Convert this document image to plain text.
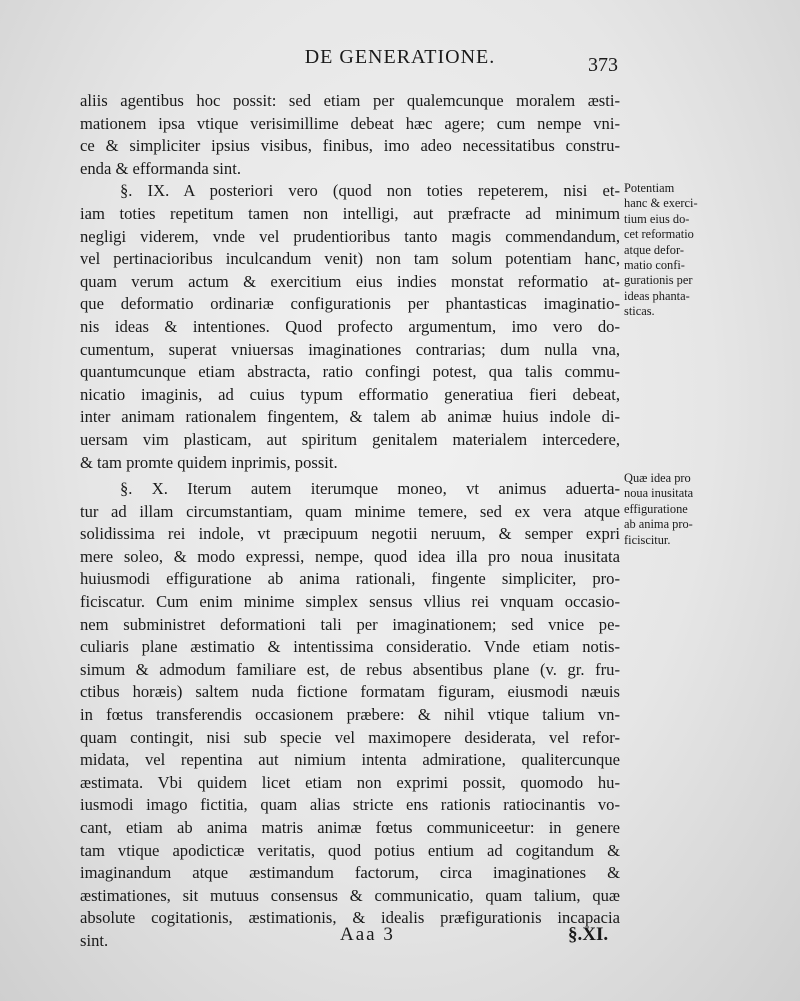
DE GENERATIONE.	373
aliis agentibus hoc possit: sed etiam per qualemcunque moralem æsti-
mationem ipsa vtique verisimillime debeat hæc agere; cum nempe vni-
ce & simpliciter ipsius visibus, finibus, imo adeo necessitatibus constru-
enda & efformanda sint.
§. IX. A posteriori vero (quod non toties repeterem, nisi et-
iam toties repetitum tamen non intelligi, aut præfracte ad minimum
negligi viderem, vnde vel prudentioribus tanto magis commendandum,
vel pertinacioribus inculcandum venit) non tam solum potentiam hanc,
quam verum actum & exercitium eius indies monstat reformatio at-
que deformatio ordinariæ configurationis per phantasticas imaginatio-
nis ideas & intentiones. Quod profecto argumentum, imo vero do-
cumentum, superat vniuersas imaginationes contrarias; dum nulla vna,
quantumcunque etiam abstracta, ratio confingi potest, qua talis commu-
nicatio imaginis, ad cuius typum efformatio generatiua fieri debeat,
inter animam rationalem fingentem, & talem ab animæ huius indole di-
uersam vim plasticam, aut spiritum genitalem materialem intercedere,
& tam promte quidem inprimis, possit.
§. X. Iterum autem iterumque moneo, vt animus aduerta-
tur ad illam circumstantiam, quam minime temere, sed ex vera atque
solidissima rei indole, vt præcipuum negotii neruum, & semper expri
mere soleo, & modo expressi, nempe, quod idea illa pro noua inusitata
huiusmodi effiguratione ab anima rationali, fingente simpliciter, pro-
ficiscatur. Cum enim minime simplex sensus vllius rei vnquam occasio-
nem subministret deformationi tali per imaginationem; sed vnice pe-
culiaris plane æstimatio & intentissima consideratio. Vnde etiam notis-
simum & admodum familiare est, de rebus absentibus plane (v. gr. fru-
ctibus horæis) saltem nuda fictione formatam figuram, eiusmodi næuis
in fœtus transferendis occasionem præbere: & nihil vtique talium vn-
quam contingit, nisi sub specie vel maximopere desiderata, vel refor-
midata, vel repentina aut nimium intenta admiratione, qualitercunque
æstimata. Vbi quidem licet etiam non exprimi possit, quomodo hu-
iusmodi imago fictitia, quam alias stricte ens rationis ratiocinantis vo-
cant, etiam ab anima matris animæ fœtus communiceetur: in genere
tam vtique apodicticæ veritatis, quod potius entium ad cogitandum &
imaginandum atque æstimandum factorum, circa imaginationes &
æstimationes, sit mutuus consensus & communicatio, quam talium, quæ
absolute cogitationis, æstimationis, & idealis præfigurationis incapacia
sint.
Potentiam
hanc & exerci-
tium eius do-
cet reformatio
atque defor-
matio confi-
gurationis per
ideas phanta-
sticas.
Quæ idea pro
noua inusitata
effiguratione
ab anima pro-
ficiscitur.
Aaa 3	§.XI.
